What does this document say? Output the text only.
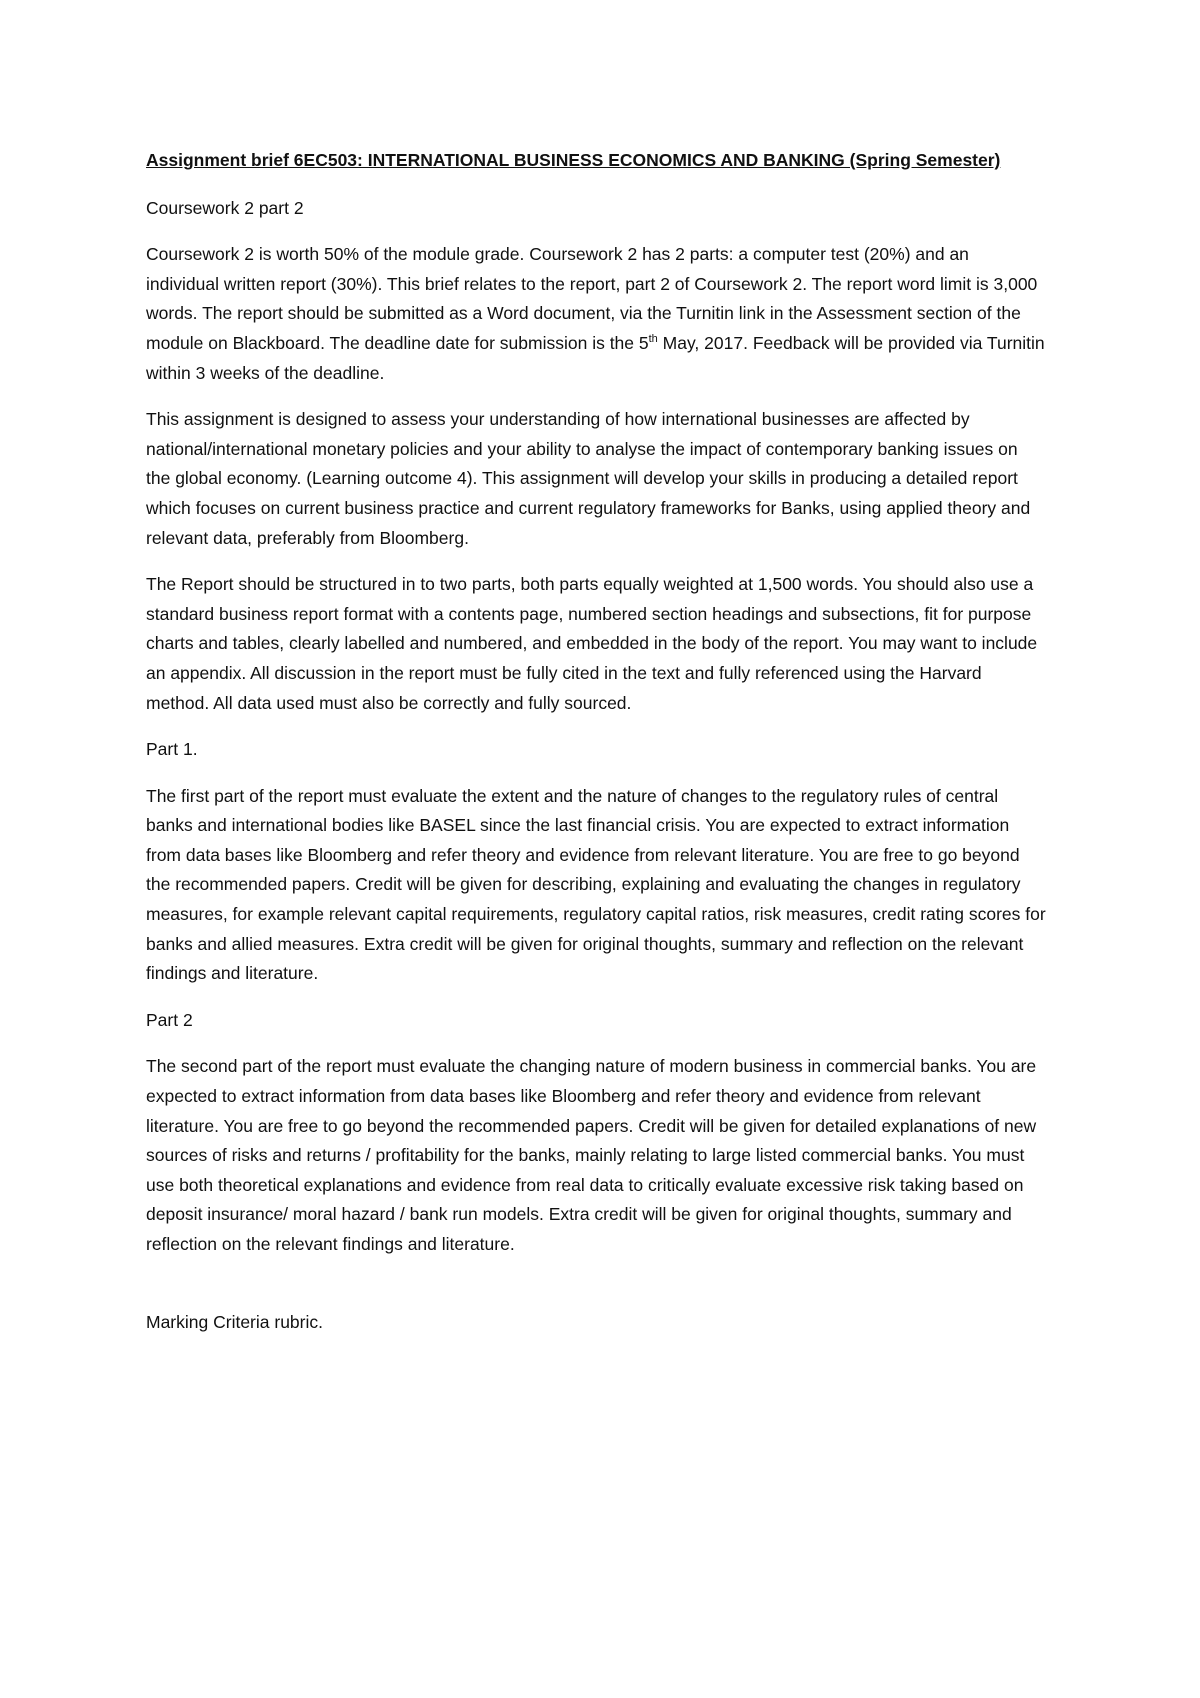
Assignment brief 6EC503: INTERNATIONAL BUSINESS ECONOMICS AND BANKING (Spring Semester)

Coursework 2 part 2

Coursework 2 is worth 50% of the module grade. Coursework 2 has 2 parts: a computer test (20%) and an individual written report (30%). This brief relates to the report, part 2 of Coursework 2. The report word limit is 3,000 words. The report should be submitted as a Word document, via the Turnitin link in the Assessment section of the module on Blackboard. The deadline date for submission is the 5th May, 2017. Feedback will be provided via Turnitin within 3 weeks of the deadline.

This assignment is designed to assess your understanding of how international businesses are affected by national/international monetary policies and your ability to analyse the impact of contemporary banking issues on the global economy. (Learning outcome 4). This assignment will develop your skills in producing a detailed report which focuses on current business practice and current regulatory frameworks for Banks, using applied theory and relevant data, preferably from Bloomberg.

The Report should be structured in to two parts, both parts equally weighted at 1,500 words. You should also use a standard business report format with a contents page, numbered section headings and subsections, fit for purpose charts and tables, clearly labelled and numbered, and embedded in the body of the report. You may want to include an appendix. All discussion in the report must be fully cited in the text and fully referenced using the Harvard method. All data used must also be correctly and fully sourced.

Part 1.

The first part of the report must evaluate the extent and the nature of changes to the regulatory rules of central banks and international bodies like BASEL since the last financial crisis. You are expected to extract information from data bases like Bloomberg and refer theory and evidence from relevant literature. You are free to go beyond the recommended papers. Credit will be given for describing, explaining and evaluating the changes in regulatory measures, for example relevant capital requirements, regulatory capital ratios, risk measures, credit rating scores for banks and allied measures. Extra credit will be given for original thoughts, summary and reflection on the relevant findings and literature.

Part 2

The second part of the report must evaluate the changing nature of modern business in commercial banks. You are expected to extract information from data bases like Bloomberg and refer theory and evidence from relevant literature. You are free to go beyond the recommended papers. Credit will be given for detailed explanations of new sources of risks and returns / profitability for the banks, mainly relating to large listed commercial banks. You must use both theoretical explanations and evidence from real data to critically evaluate excessive risk taking based on deposit insurance/ moral hazard / bank run models. Extra credit will be given for original thoughts, summary and reflection on the relevant findings and literature.

Marking Criteria rubric.
